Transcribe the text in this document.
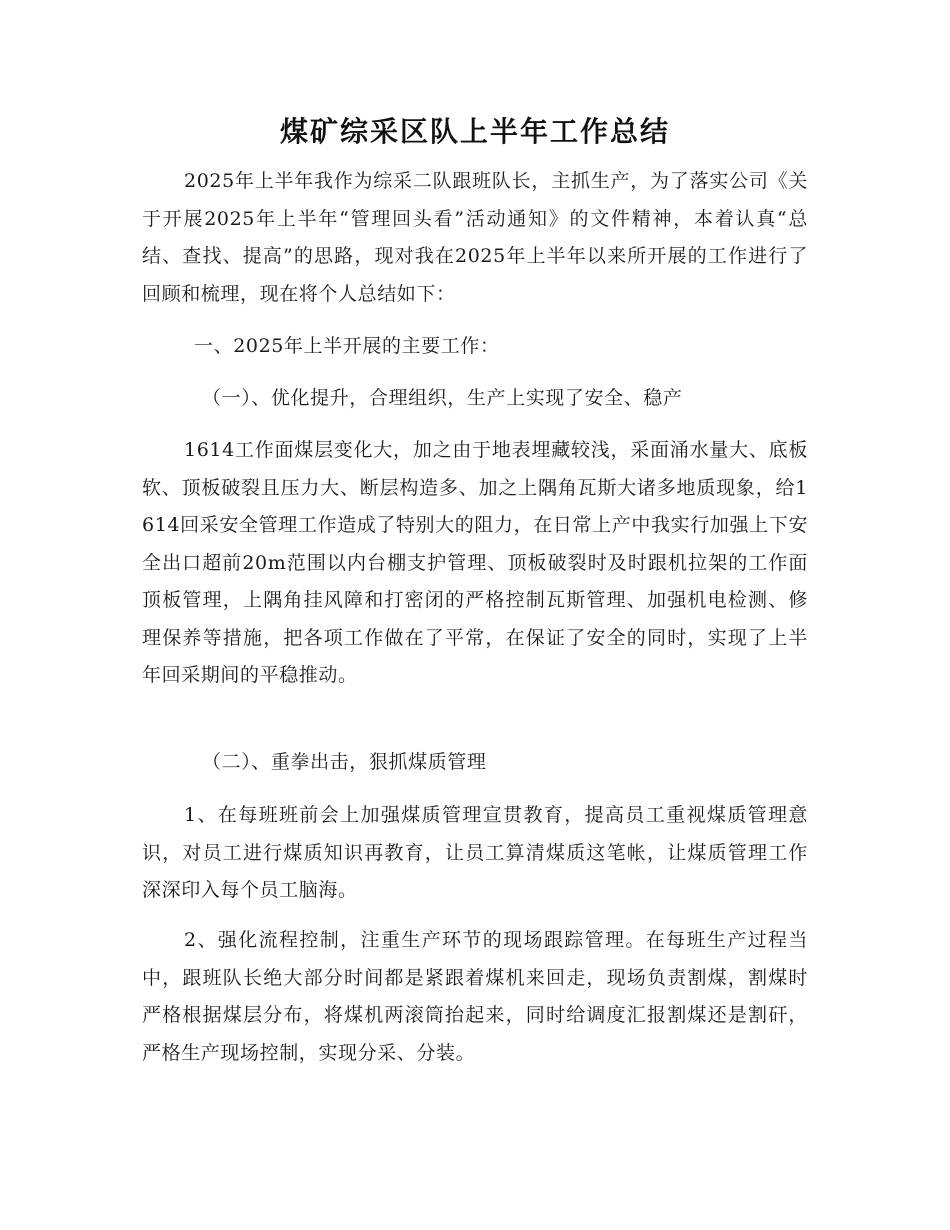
煤矿综采区队上半年工作总结

2025年上半年我作为综采二队跟班队长，主抓生产，为了落实公司《关于开展2025年上半年“管理回头看”活动通知》的文件精神，本着认真“总结、查找、提高”的思路，现对我在2025年上半年以来所开展的工作进行了回顾和梳理，现在将个人总结如下：

一、2025年上半开展的主要工作：

（一）、优化提升，合理组织，生产上实现了安全、稳产

1614工作面煤层变化大，加之由于地表埋藏较浅，采面涌水量大、底板软、顶板破裂且压力大、断层构造多、加之上隅角瓦斯大诸多地质现象，给1614回采安全管理工作造成了特别大的阻力，在日常上产中我实行加强上下安全出口超前20m范围以内台棚支护管理、顶板破裂时及时跟机拉架的工作面顶板管理，上隅角挂风障和打密闭的严格控制瓦斯管理、加强机电检测、修理保养等措施，把各项工作做在了平常，在保证了安全的同时，实现了上半年回采期间的平稳推动。

（二）、重拳出击，狠抓煤质管理

1、在每班班前会上加强煤质管理宣贯教育，提高员工重视煤质管理意识，对员工进行煤质知识再教育，让员工算清煤质这笔帐，让煤质管理工作深深印入每个员工脑海。

2、强化流程控制，注重生产环节的现场跟踪管理。在每班生产过程当中，跟班队长绝大部分时间都是紧跟着煤机来回走，现场负责割煤，割煤时严格根据煤层分布，将煤机两滚筒抬起来，同时给调度汇报割煤还是割矸，严格生产现场控制，实现分采、分装。
